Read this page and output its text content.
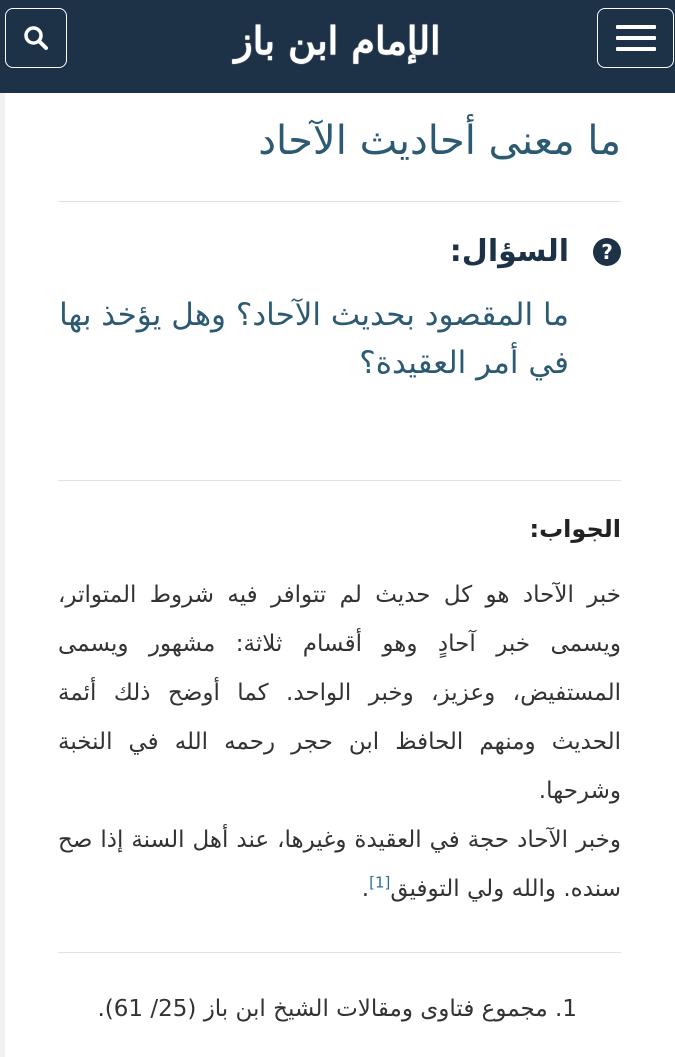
الإمام ابن باز
ما معنى أحاديث الآحاد
?
السؤال:
ما المقصود بحديث الآحاد؟ وهل يؤخذ بها في أمر العقيدة؟
الجواب:

خبر الآحاد هو كل حديث لم تتوافر فيه شروط المتواتر، ويسمى خبر آحادٍ وهو أقسام ثلاثة: مشهور ويسمى المستفيض، وعزيز، وخبر الواحد. كما أوضح ذلك أئمة الحديث ومنهم الحافظ ابن حجر رحمه الله في النخبة وشرحها.

وخبر الآحاد حجة في العقيدة وغيرها، عند أهل السنة إذا صح سنده. والله ولي التوفيق[1].

1. مجموع فتاوى ومقالات الشيخ ابن باز (25/ 61).
